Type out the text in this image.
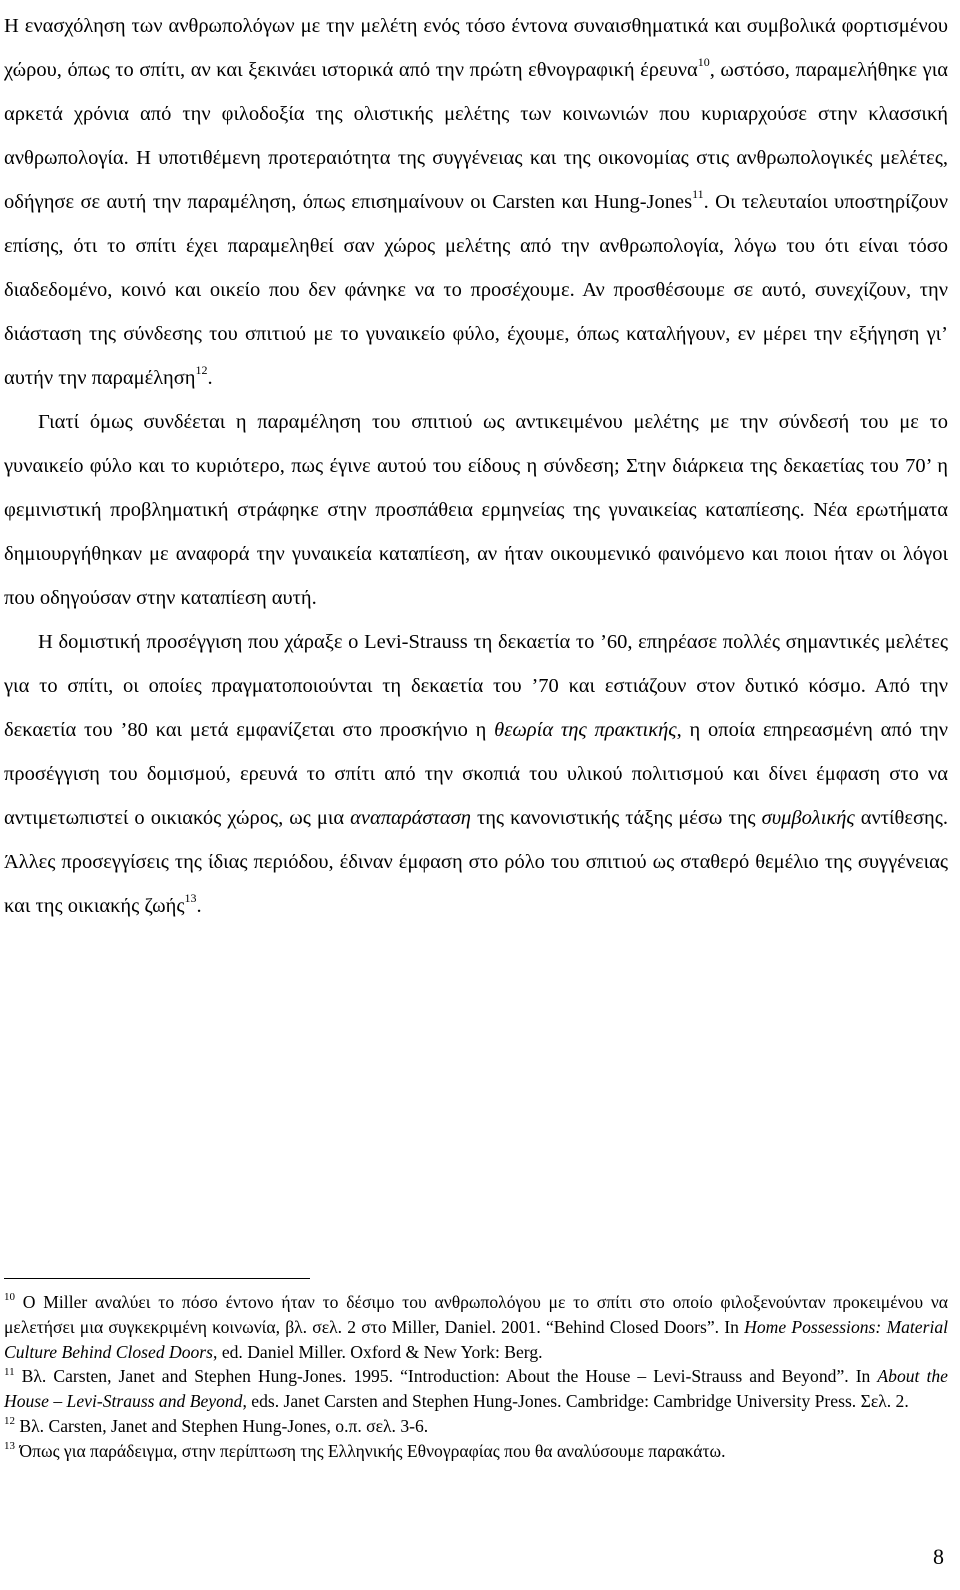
Η ενασχόληση των ανθρωπολόγων με την μελέτη ενός τόσο έντονα συναισθηματικά και συμβολικά φορτισμένου χώρου, όπως το σπίτι, αν και ξεκινάει ιστορικά από την πρώτη εθνογραφική έρευνα$^{10}$, ωστόσο, παραμελήθηκε για αρκετά χρόνια από την φιλοδοξία της ολιστικής μελέτης των κοινωνιών που κυριαρχούσε στην κλασσική ανθρωπολογία. Η υποτιθέμενη προτεραιότητα της συγγένειας και της οικονομίας στις ανθρωπολογικές μελέτες, οδήγησε σε αυτή την παραμέληση, όπως επισημαίνουν οι Carsten και Hung-Jones$^{11}$. Οι τελευταίοι υποστηρίζουν επίσης, ότι το σπίτι έχει παραμεληθεί σαν χώρος μελέτης από την ανθρωπολογία, λόγω του ότι είναι τόσο διαδεδομένο, κοινό και οικείο που δεν φάνηκε να το προσέχουμε. Αν προσθέσουμε σε αυτό, συνεχίζουν, την διάσταση της σύνδεσης του σπιτιού με το γυναικείο φύλο, έχουμε, όπως καταλήγουν, εν μέρει την εξήγηση γι’ αυτήν την παραμέληση$^{12}$.

Γιατί όμως συνδέεται η παραμέληση του σπιτιού ως αντικειμένου μελέτης με την σύνδεσή του με το γυναικείο φύλο και το κυριότερο, πως έγινε αυτού του είδους η σύνδεση; Στην διάρκεια της δεκαετίας του 70’ η φεμινιστική προβληματική στράφηκε στην προσπάθεια ερμηνείας της γυναικείας καταπίεσης. Νέα ερωτήματα δημιουργήθηκαν με αναφορά την γυναικεία καταπίεση, αν ήταν οικουμενικό φαινόμενο και ποιοι ήταν οι λόγοι που οδηγούσαν στην καταπίεση αυτή.

Η δομιστική προσέγγιση που χάραξε ο Levi-Strauss τη δεκαετία το ’60, επηρέασε πολλές σημαντικές μελέτες για το σπίτι, οι οποίες πραγματοποιούνται τη δεκαετία του ’70 και εστιάζουν στον δυτικό κόσμο. Από την δεκαετία του ’80 και μετά εμφανίζεται στο προσκήνιο η θεωρία της πρακτικής, η οποία επηρεασμένη από την προσέγγιση του δομισμού, ερευνά το σπίτι από την σκοπιά του υλικού πολιτισμού και δίνει έμφαση στο να αντιμετωπιστεί ο οικιακός χώρος, ως μια αναπαράσταση της κανονιστικής τάξης μέσω της συμβολικής αντίθεσης. Άλλες προσεγγίσεις της ίδιας περιόδου, έδιναν έμφαση στο ρόλο του σπιτιού ως σταθερό θεμέλιο της συγγένειας και της οικιακής ζωής$^{13}$.

$^{10}$ Ο Miller αναλύει το πόσο έντονο ήταν το δέσιμο του ανθρωπολόγου με το σπίτι στο οποίο φιλοξενούνταν προκειμένου να μελετήσει μια συγκεκριμένη κοινωνία, βλ. σελ. 2 στο Miller, Daniel. 2001. “Behind Closed Doors”. In Home Possessions: Material Culture Behind Closed Doors, ed. Daniel Miller. Oxford & New York: Berg.

$^{11}$ Βλ. Carsten, Janet and Stephen Hung-Jones. 1995. “Introduction: About the House – Levi-Strauss and Beyond”. In About the House – Levi-Strauss and Beyond, eds. Janet Carsten and Stephen Hung-Jones. Cambridge: Cambridge University Press. Σελ. 2.

$^{12}$ Βλ. Carsten, Janet and Stephen Hung-Jones, ο.π. σελ. 3-6.

$^{13}$ Όπως για παράδειγμα, στην περίπτωση της Ελληνικής Εθνογραφίας που θα αναλύσουμε παρακάτω.

8
